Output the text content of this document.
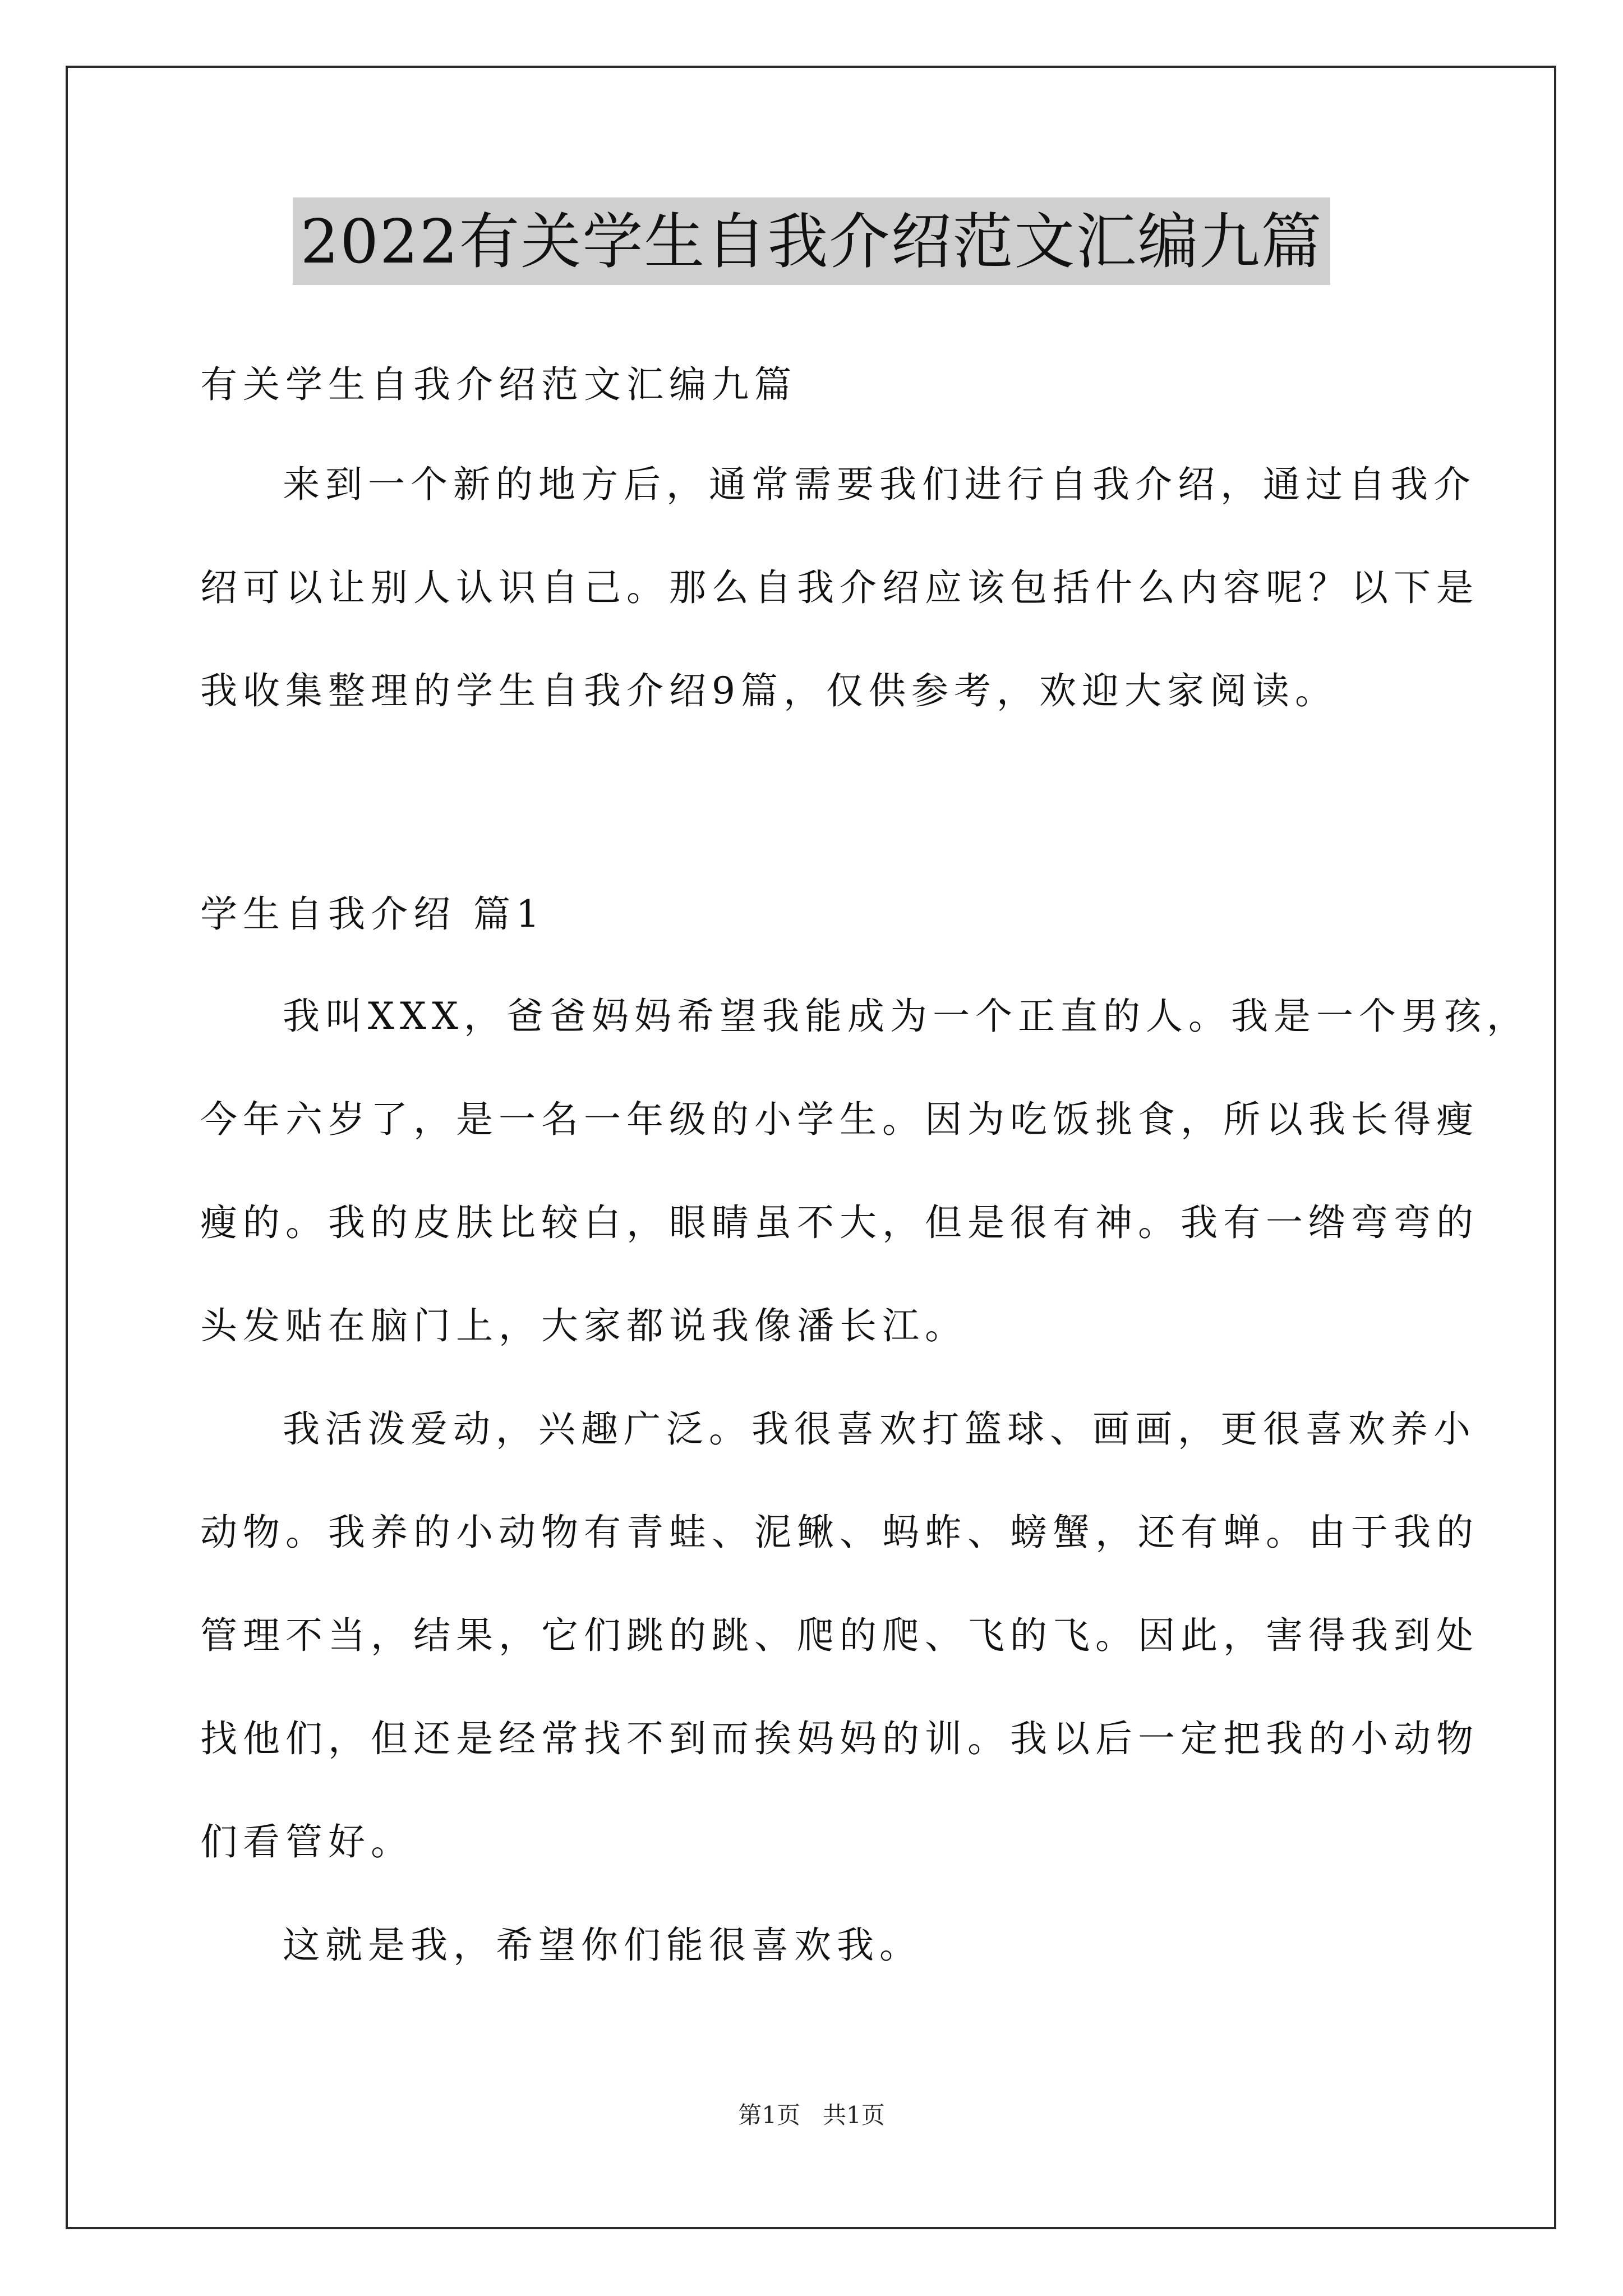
2022有关学生自我介绍范文汇编九篇
有关学生自我介绍范文汇编九篇
来到一个新的地方后，通常需要我们进行自我介绍，通过自我介
绍可以让别人认识自己。那么自我介绍应该包括什么内容呢？以下是
我收集整理的学生自我介绍9篇，仅供参考，欢迎大家阅读。
学生自我介绍 篇1
我叫XXX，爸爸妈妈希望我能成为一个正直的人。我是一个男孩，
今年六岁了，是一名一年级的小学生。因为吃饭挑食，所以我长得瘦
瘦的。我的皮肤比较白，眼睛虽不大，但是很有神。我有一绺弯弯的
头发贴在脑门上，大家都说我像潘长江。
我活泼爱动，兴趣广泛。我很喜欢打篮球、画画，更很喜欢养小
动物。我养的小动物有青蛙、泥鳅、蚂蚱、螃蟹，还有蝉。由于我的
管理不当，结果，它们跳的跳、爬的爬、飞的飞。因此，害得我到处
找他们，但还是经常找不到而挨妈妈的训。我以后一定把我的小动物
们看管好。
这就是我，希望你们能很喜欢我。
第1页   共1页
